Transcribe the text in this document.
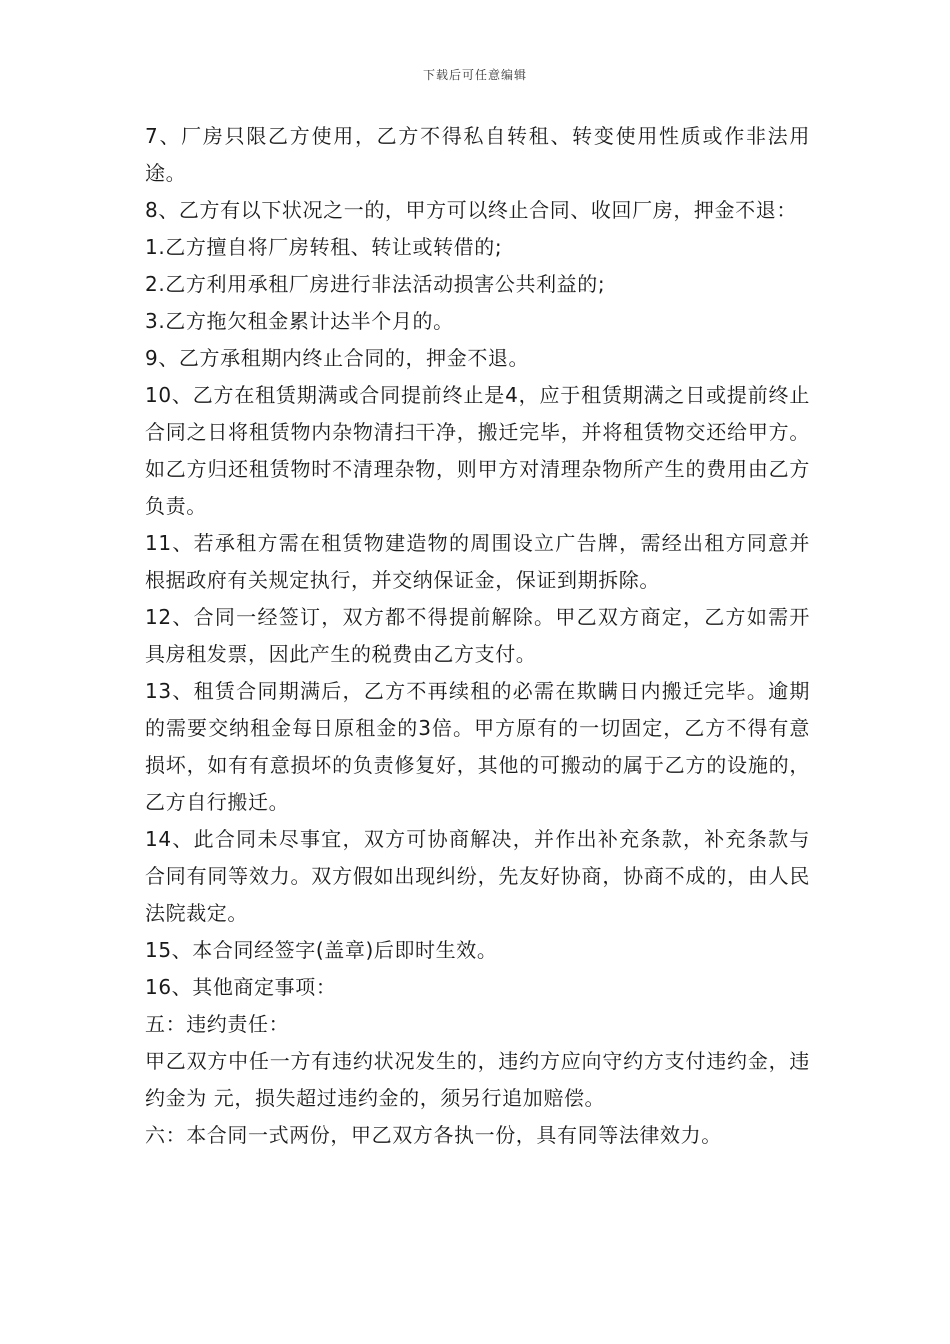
下载后可任意编辑

7、厂房只限乙方使用，乙方不得私自转租、转变使用性质或作非法用途。

8、乙方有以下状况之一的，甲方可以终止合同、收回厂房，押金不退：

1.乙方擅自将厂房转租、转让或转借的;

2.乙方利用承租厂房进行非法活动损害公共利益的;

3.乙方拖欠租金累计达半个月的。

9、乙方承租期内终止合同的，押金不退。

10、乙方在租赁期满或合同提前终止是4，应于租赁期满之日或提前终止合同之日将租赁物内杂物清扫干净，搬迁完毕，并将租赁物交还给甲方。如乙方归还租赁物时不清理杂物，则甲方对清理杂物所产生的费用由乙方负责。

11、若承租方需在租赁物建造物的周围设立广告牌，需经出租方同意并根据政府有关规定执行，并交纳保证金，保证到期拆除。

12、合同一经签订，双方都不得提前解除。甲乙双方商定，乙方如需开具房租发票，因此产生的税费由乙方支付。

13、租赁合同期满后，乙方不再续租的必需在欺瞒日内搬迁完毕。逾期的需要交纳租金每日原租金的3倍。甲方原有的一切固定，乙方不得有意损坏，如有有意损坏的负责修复好，其他的可搬动的属于乙方的设施的，乙方自行搬迁。

14、此合同未尽事宜，双方可协商解决，并作出补充条款，补充条款与合同有同等效力。双方假如出现纠纷，先友好协商，协商不成的，由人民法院裁定。

15、本合同经签字(盖章)后即时生效。

16、其他商定事项：

五：违约责任：

甲乙双方中任一方有违约状况发生的，违约方应向守约方支付违约金，违约金为 元，损失超过违约金的，须另行追加赔偿。

六：本合同一式两份，甲乙双方各执一份，具有同等法律效力。
